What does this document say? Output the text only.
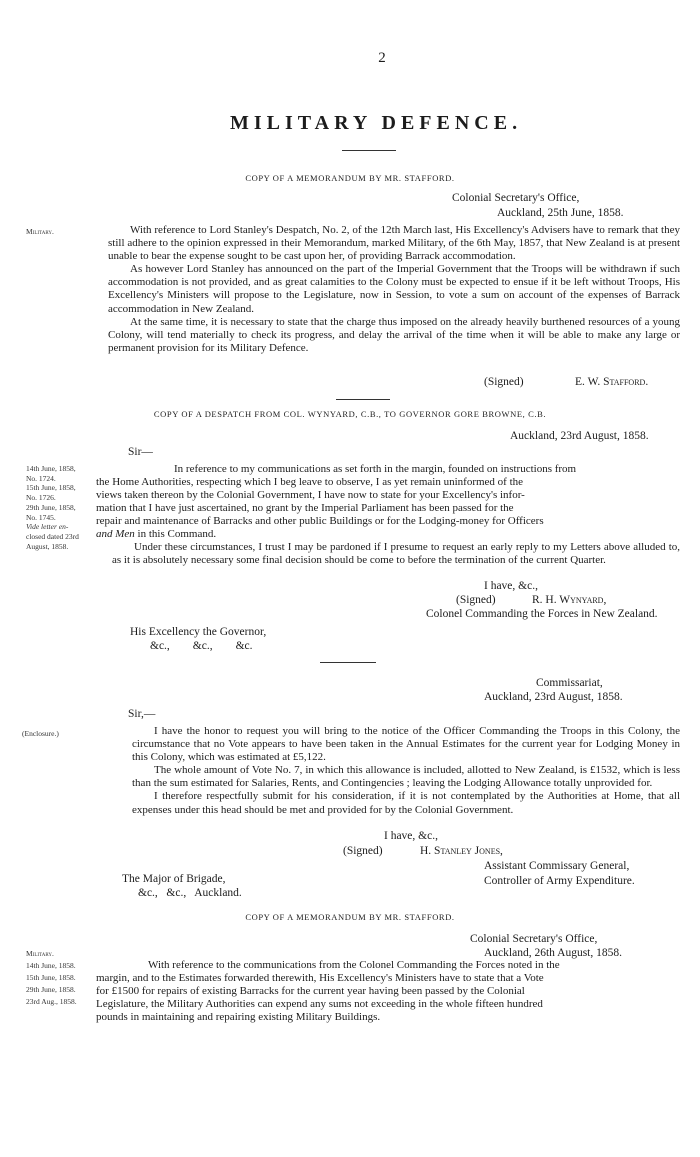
2
MILITARY DEFENCE.
COPY OF A MEMORANDUM BY MR. STAFFORD.
Colonial Secretary's Office,
Auckland, 25th June, 1858.
Military.	With reference to Lord Stanley's Despatch, No. 2, of the 12th March last, His Excellency's Advisers have to remark that they still adhere to the opinion expressed in their Memorandum, marked Military, of the 6th May, 1857, that New Zealand is at present unable to bear the expense sought to be cast upon her, of providing Barrack accommodation.

As however Lord Stanley has announced on the part of the Imperial Government that the Troops will be withdrawn if such accommodation is not provided, and as great calamities to the Colony must be expected to ensue if it be left without Troops, His Excellency's Ministers will propose to the Legislature, now in Session, to vote a sum on account of the expenses of Barrack accommodation in New Zealand.

At the same time, it is necessary to state that the charge thus imposed on the already heavily burthened resources of a young Colony, will tend materially to check its progress, and delay the arrival of the time when it will be able to make any large or permanent provision for its Military Defence.

(Signed)	E. W. Stafford.
COPY OF A DESPATCH FROM COL. WYNYARD, C.B., TO GOVERNOR GORE BROWNE, C.B.
Auckland, 23rd August, 1858.
Sir—
14th June, 1858,
No. 1724.
15th June, 1858,
No. 1726.
29th June, 1858,
No. 1745.
Vide letter en-
closed dated 23rd
August, 1858.
In reference to my communications as set forth in the margin, founded on instructions from
the Home Authorities, respecting which I beg leave to observe, I as yet remain uninformed of the
views taken thereon by the Colonial Government, I have now to state for your Excellency's infor-
mation that I have just ascertained, no grant by the Imperial Parliament has been passed for the
repair and maintenance of Barracks and other public Buildings or for the Lodging-money for Officers
and Men in this Command.

Under these circumstances, I trust I may be pardoned if I presume to request an early reply to my Letters above alluded to, as it is absolutely necessary some final decision should be come to before the termination of the current Quarter.

I have, &c.,
(Signed)	R. H. Wynyard,
Colonel Commanding the Forces in New Zealand.
His Excellency the Governor,
&c.,        &c.,        &c.
Commissariat,
Auckland, 23rd August, 1858.
Sir,—
(Enclosure.)	I have the honor to request you will bring to the notice of the Officer Commanding the Troops in this Colony, the circumstance that no Vote appears to have been taken in the Annual Estimates for the current year for Lodging Money in this Colony, which was estimated at £5,122.

The whole amount of Vote No. 7, in which this allowance is included, allotted to New Zealand, is £1532, which is less than the sum estimated for Salaries, Rents, and Contingencies ; leaving the Lodging Allowance totally unprovided for.

I therefore respectfully submit for his consideration, if it is not contemplated by the Authorities at Home, that all expenses under this head should be met and provided for by the Colonial Government.

I have, &c.,
(Signed)	H. Stanley Jones,
Assistant Commissary General,
Controller of Army Expenditure.
The Major of Brigade,
&c.,   &c.,   Auckland.
COPY OF A MEMORANDUM BY MR. STAFFORD.
Colonial Secretary's Office,
Auckland, 26th August, 1858.
Military.
14th June, 1858.
15th June, 1858.
29th June, 1858.
23rd Aug., 1858.
With reference to the communications from the Colonel Commanding the Forces noted in the
margin, and to the Estimates forwarded therewith, His Excellency's Ministers have to state that a Vote
for £1500 for repairs of existing Barracks for the current year having been passed by the Colonial
Legislature, the Military Authorities can expend any sums not exceeding in the whole fifteen hundred
pounds in maintaining and repairing existing Military Buildings.
